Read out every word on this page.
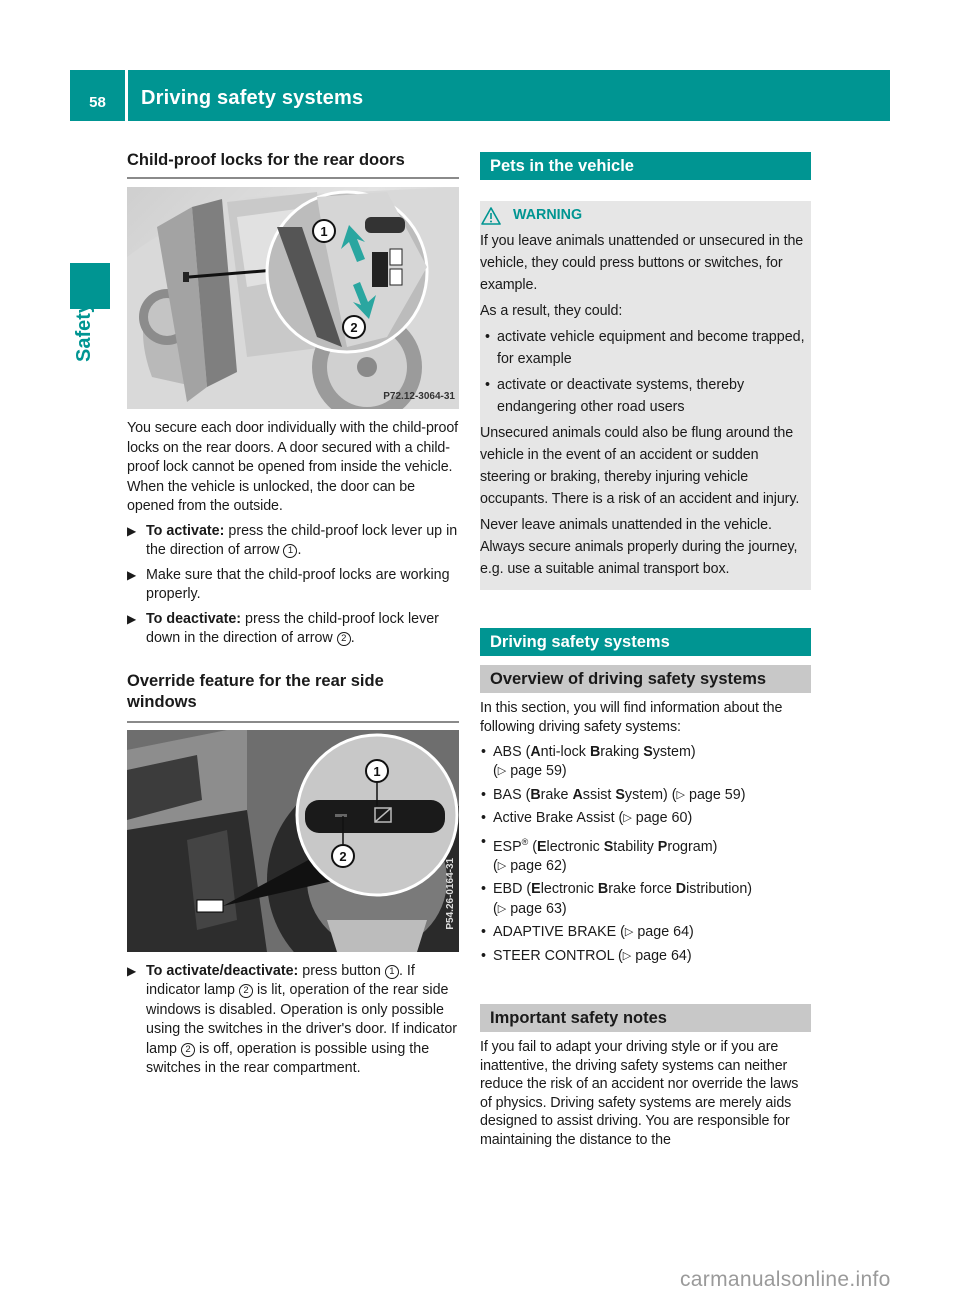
58	Driving safety systems
Safety
Child-proof locks for the rear doors
1
2
P72.12-3064-31
You secure each door individually with the child-proof locks on the rear doors. A door secured with a child-proof lock cannot be opened from inside the vehicle. When the vehicle is unlocked, the door can be opened from the outside.
▶ To activate: press the child-proof lock lever up in the direction of arrow 1 .
▶ Make sure that the child-proof locks are working properly.
▶ To deactivate: press the child-proof lock lever down in the direction of arrow 2 .
Override feature for the rear side windows
1
2
P54.26-0164-31
▶ To activate/deactivate: press button 1 . If indicator lamp 2 is lit, operation of the rear side windows is disabled. Operation is only possible using the switches in the driver's door. If indicator lamp 2 is off, operation is possible using the switches in the rear compartment.
Pets in the vehicle
WARNING
If you leave animals unattended or unsecured in the vehicle, they could press buttons or switches, for example.
As a result, they could:
• activate vehicle equipment and become trapped, for example
• activate or deactivate systems, thereby endangering other road users
Unsecured animals could also be flung around the vehicle in the event of an accident or sudden steering or braking, thereby injuring vehicle occupants. There is a risk of an accident and injury.
Never leave animals unattended in the vehicle. Always secure animals properly during the journey, e.g. use a suitable animal transport box.
Driving safety systems
Overview of driving safety systems
In this section, you will find information about the following driving safety systems:
• ABS (Anti-lock Braking System)
(▷ page 59)
• BAS (Brake Assist System) (▷ page 59)
• Active Brake Assist (▷ page 60)
• ESP® (Electronic Stability Program)
(▷ page 62)
• EBD (Electronic Brake force Distribution)
(▷ page 63)
• ADAPTIVE BRAKE (▷ page 64)
• STEER CONTROL (▷ page 64)
Important safety notes
If you fail to adapt your driving style or if you are inattentive, the driving safety systems can neither reduce the risk of an accident nor override the laws of physics. Driving safety systems are merely aids designed to assist driving. You are responsible for maintaining the distance to the
carmanualsonline.info
